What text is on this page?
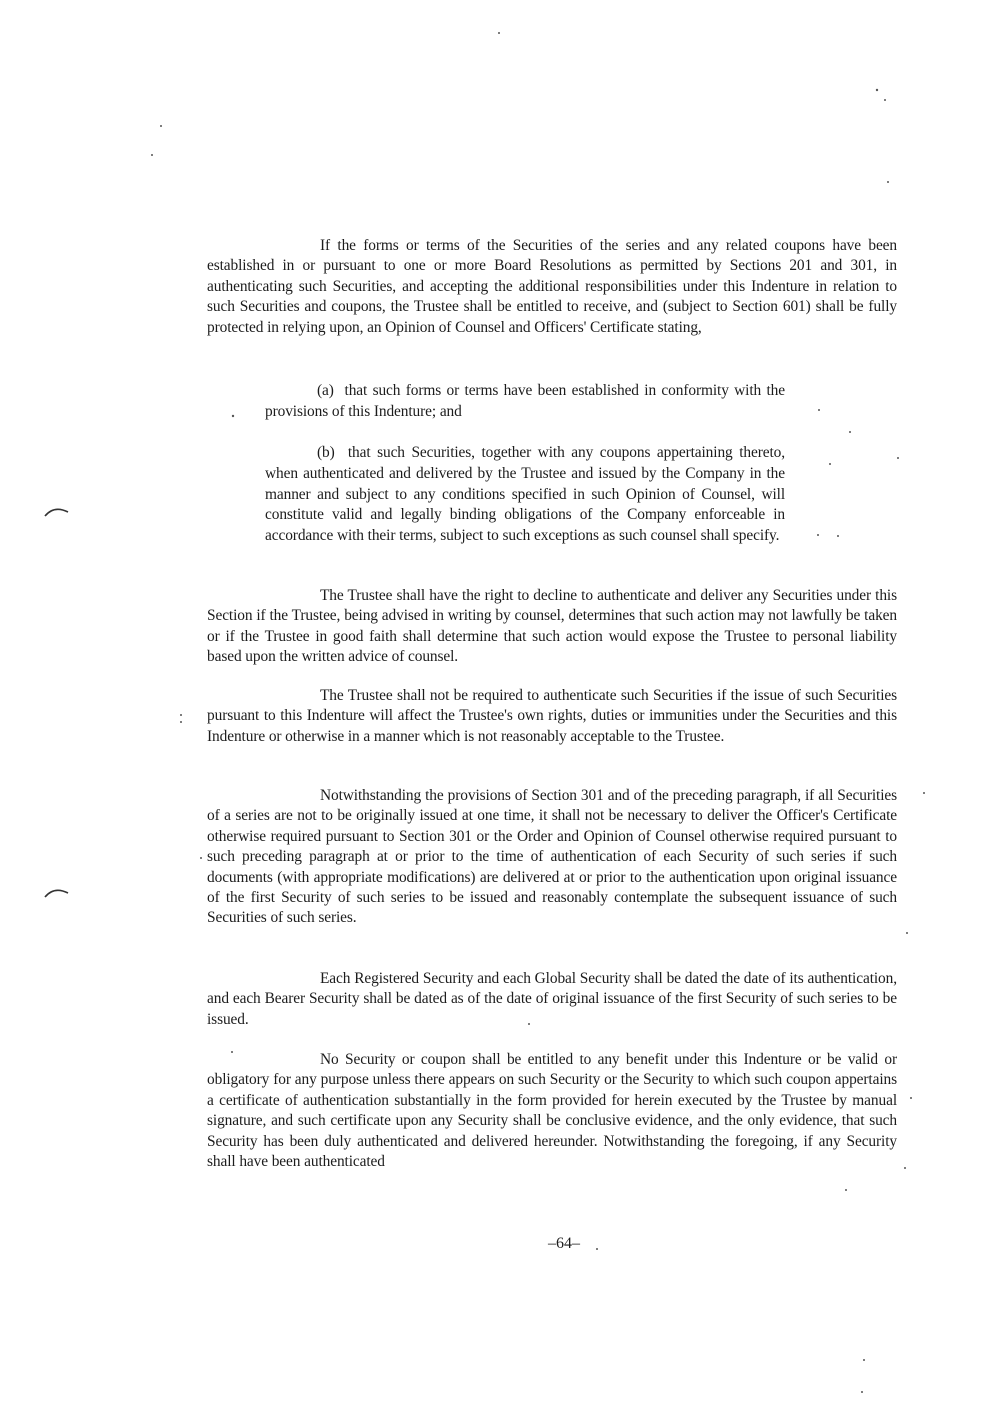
If the forms or terms of the Securities of the series and any related coupons have been established in or pursuant to one or more Board Resolutions as permitted by Sections 201 and 301, in authenticating such Securities, and accepting the additional responsibilities under this Indenture in relation to such Securities and coupons, the Trustee shall be entitled to receive, and (subject to Section 601) shall be fully protected in relying upon, an Opinion of Counsel and Officers' Certificate stating,

(a) that such forms or terms have been established in conformity with the provisions of this Indenture; and

(b) that such Securities, together with any coupons appertaining thereto, when authenticated and delivered by the Trustee and issued by the Company in the manner and subject to any conditions specified in such Opinion of Counsel, will constitute valid and legally binding obligations of the Company enforceable in accordance with their terms, subject to such exceptions as such counsel shall specify.

The Trustee shall have the right to decline to authenticate and deliver any Securities under this Section if the Trustee, being advised in writing by counsel, determines that such action may not lawfully be taken or if the Trustee in good faith shall determine that such action would expose the Trustee to personal liability based upon the written advice of counsel.

The Trustee shall not be required to authenticate such Securities if the issue of such Securities pursuant to this Indenture will affect the Trustee's own rights, duties or immunities under the Securities and this Indenture or otherwise in a manner which is not reasonably acceptable to the Trustee.

Notwithstanding the provisions of Section 301 and of the preceding paragraph, if all Securities of a series are not to be originally issued at one time, it shall not be necessary to deliver the Officer's Certificate otherwise required pursuant to Section 301 or the Order and Opinion of Counsel otherwise required pursuant to such preceding paragraph at or prior to the time of authentication of each Security of such series if such documents (with appropriate modifications) are delivered at or prior to the authentication upon original issuance of the first Security of such series to be issued and reasonably contemplate the subsequent issuance of such Securities of such series.

Each Registered Security and each Global Security shall be dated the date of its authentication, and each Bearer Security shall be dated as of the date of original issuance of the first Security of such series to be issued.

No Security or coupon shall be entitled to any benefit under this Indenture or be valid or obligatory for any purpose unless there appears on such Security or the Security to which such coupon appertains a certificate of authentication substantially in the form provided for herein executed by the Trustee by manual signature, and such certificate upon any Security shall be conclusive evidence, and the only evidence, that such Security has been duly authenticated and delivered hereunder. Notwithstanding the foregoing, if any Security shall have been authenticated

–64–
